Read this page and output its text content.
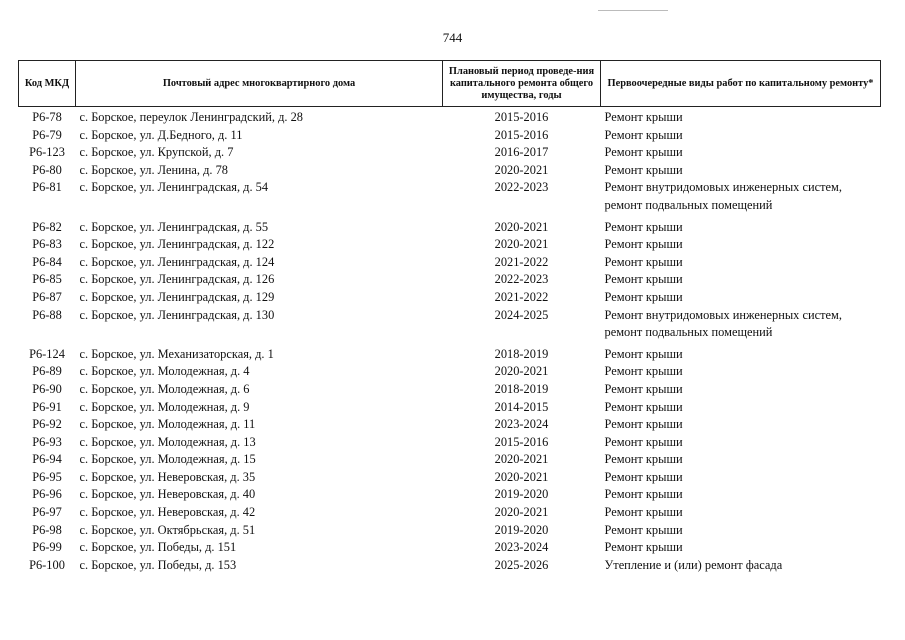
744
Код МКД	Почтовый адрес многоквартирного дома	Плановый период проведе-ния капитального ремонта общего имущества, годы	Первоочередные виды работ по капитальному ремонту*
Р6-78	с. Борское, переулок Ленинградский, д. 28	2015-2016	Ремонт крыши
Р6-79	с. Борское, ул. Д.Бедного, д. 11	2015-2016	Ремонт крыши
Р6-123	с. Борское, ул. Крупской, д. 7	2016-2017	Ремонт крыши
Р6-80	с. Борское, ул. Ленина, д. 78	2020-2021	Ремонт крыши
Р6-81	с. Борское, ул. Ленинградская, д. 54	2022-2023	Ремонт внутридомовых инженерных систем, ремонт подвальных помещений
Р6-82	с. Борское, ул. Ленинградская, д. 55	2020-2021	Ремонт крыши
Р6-83	с. Борское, ул. Ленинградская, д. 122	2020-2021	Ремонт крыши
Р6-84	с. Борское, ул. Ленинградская, д. 124	2021-2022	Ремонт крыши
Р6-85	с. Борское, ул. Ленинградская, д. 126	2022-2023	Ремонт крыши
Р6-87	с. Борское, ул. Ленинградская, д. 129	2021-2022	Ремонт крыши
Р6-88	с. Борское, ул. Ленинградская, д. 130	2024-2025	Ремонт внутридомовых инженерных систем, ремонт подвальных помещений
Р6-124	с. Борское, ул. Механизаторская, д. 1	2018-2019	Ремонт крыши
Р6-89	с. Борское, ул. Молодежная, д. 4	2020-2021	Ремонт крыши
Р6-90	с. Борское, ул. Молодежная, д. 6	2018-2019	Ремонт крыши
Р6-91	с. Борское, ул. Молодежная, д. 9	2014-2015	Ремонт крыши
Р6-92	с. Борское, ул. Молодежная, д. 11	2023-2024	Ремонт крыши
Р6-93	с. Борское, ул. Молодежная, д. 13	2015-2016	Ремонт крыши
Р6-94	с. Борское, ул. Молодежная, д. 15	2020-2021	Ремонт крыши
Р6-95	с. Борское, ул. Неверовская, д. 35	2020-2021	Ремонт крыши
Р6-96	с. Борское, ул. Неверовская, д. 40	2019-2020	Ремонт крыши
Р6-97	с. Борское, ул. Неверовская, д. 42	2020-2021	Ремонт крыши
Р6-98	с. Борское, ул. Октябрьская, д. 51	2019-2020	Ремонт крыши
Р6-99	с. Борское, ул. Победы, д. 151	2023-2024	Ремонт крыши
Р6-100	с. Борское, ул. Победы, д. 153	2025-2026	Утепление и (или) ремонт фасада
